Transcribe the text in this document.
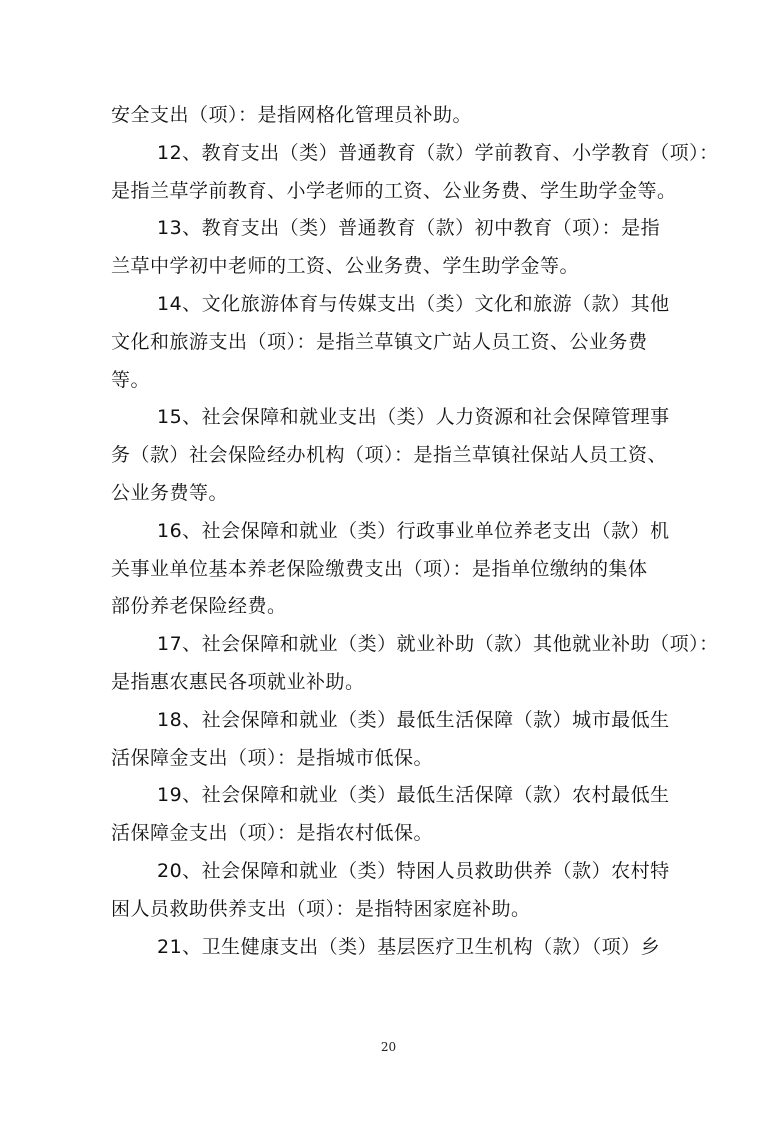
安全支出（项）：是指网格化管理员补助。
12、教育支出（类）普通教育（款）学前教育、小学教育（项）：
是指兰草学前教育、小学老师的工资、公业务费、学生助学金等。
13、教育支出（类）普通教育（款）初中教育（项）：是指
兰草中学初中老师的工资、公业务费、学生助学金等。
14、文化旅游体育与传媒支出（类）文化和旅游（款）其他
文化和旅游支出（项）：是指兰草镇文广站人员工资、公业务费
等。
15、社会保障和就业支出（类）人力资源和社会保障管理事
务（款）社会保险经办机构（项）：是指兰草镇社保站人员工资、
公业务费等。
16、社会保障和就业（类）行政事业单位养老支出（款）机
关事业单位基本养老保险缴费支出（项）：是指单位缴纳的集体
部份养老保险经费。
17、社会保障和就业（类）就业补助（款）其他就业补助（项）：
是指惠农惠民各项就业补助。
18、社会保障和就业（类）最低生活保障（款）城市最低生
活保障金支出（项）：是指城市低保。
19、社会保障和就业（类）最低生活保障（款）农村最低生
活保障金支出（项）：是指农村低保。
20、社会保障和就业（类）特困人员救助供养（款）农村特
困人员救助供养支出（项）：是指特困家庭补助。
21、卫生健康支出（类）基层医疗卫生机构（款）（项）乡
20
